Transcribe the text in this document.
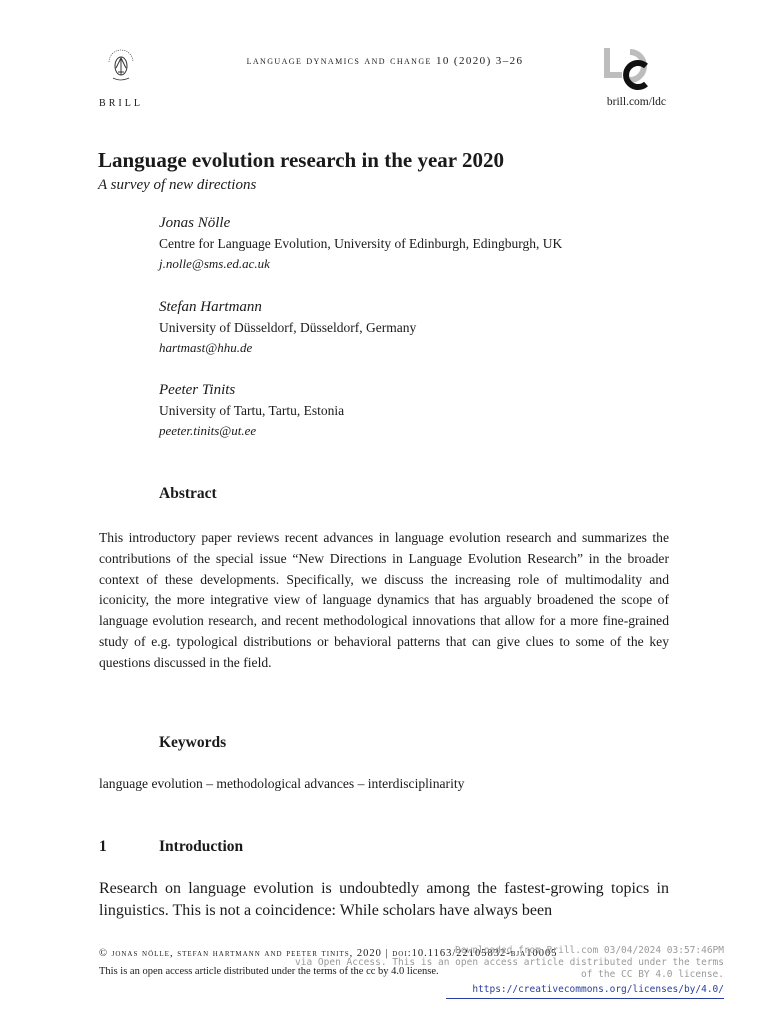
BRILL
language dynamics and change 10 (2020) 3–26
brill.com/ldc
Language evolution research in the year 2020
A survey of new directions
Jonas Nölle
Centre for Language Evolution, University of Edinburgh, Edingburgh, UK
j.nolle@sms.ed.ac.uk
Stefan Hartmann
University of Düsseldorf, Düsseldorf, Germany
hartmast@hhu.de
Peeter Tinits
University of Tartu, Tartu, Estonia
peeter.tinits@ut.ee
Abstract
This introductory paper reviews recent advances in language evolution research and summarizes the contributions of the special issue “New Directions in Language Evolution Research” in the broader context of these developments. Specifically, we discuss the increasing role of multimodality and iconicity, the more integrative view of language dynamics that has arguably broadened the scope of language evolution research, and recent methodological innovations that allow for a more fine-grained study of e.g. typological distributions or behavioral patterns that can give clues to some of the key questions discussed in the field.
Keywords
language evolution – methodological advances – interdisciplinarity
1	Introduction
Research on language evolution is undoubtedly among the fastest-growing topics in linguistics. This is not a coincidence: While scholars have always been
© jonas nölle, stefan hartmann and peeter tinits, 2020 | doi:10.1163/22105832-bja10005
This is an open access article distributed under the terms of the cc by 4.0 license.
Downloaded from Brill.com 03/04/2024 03:57:46PM
via Open Access. This is an open access article distributed under the terms
of the CC BY 4.0 license.
https://creativecommons.org/licenses/by/4.0/
